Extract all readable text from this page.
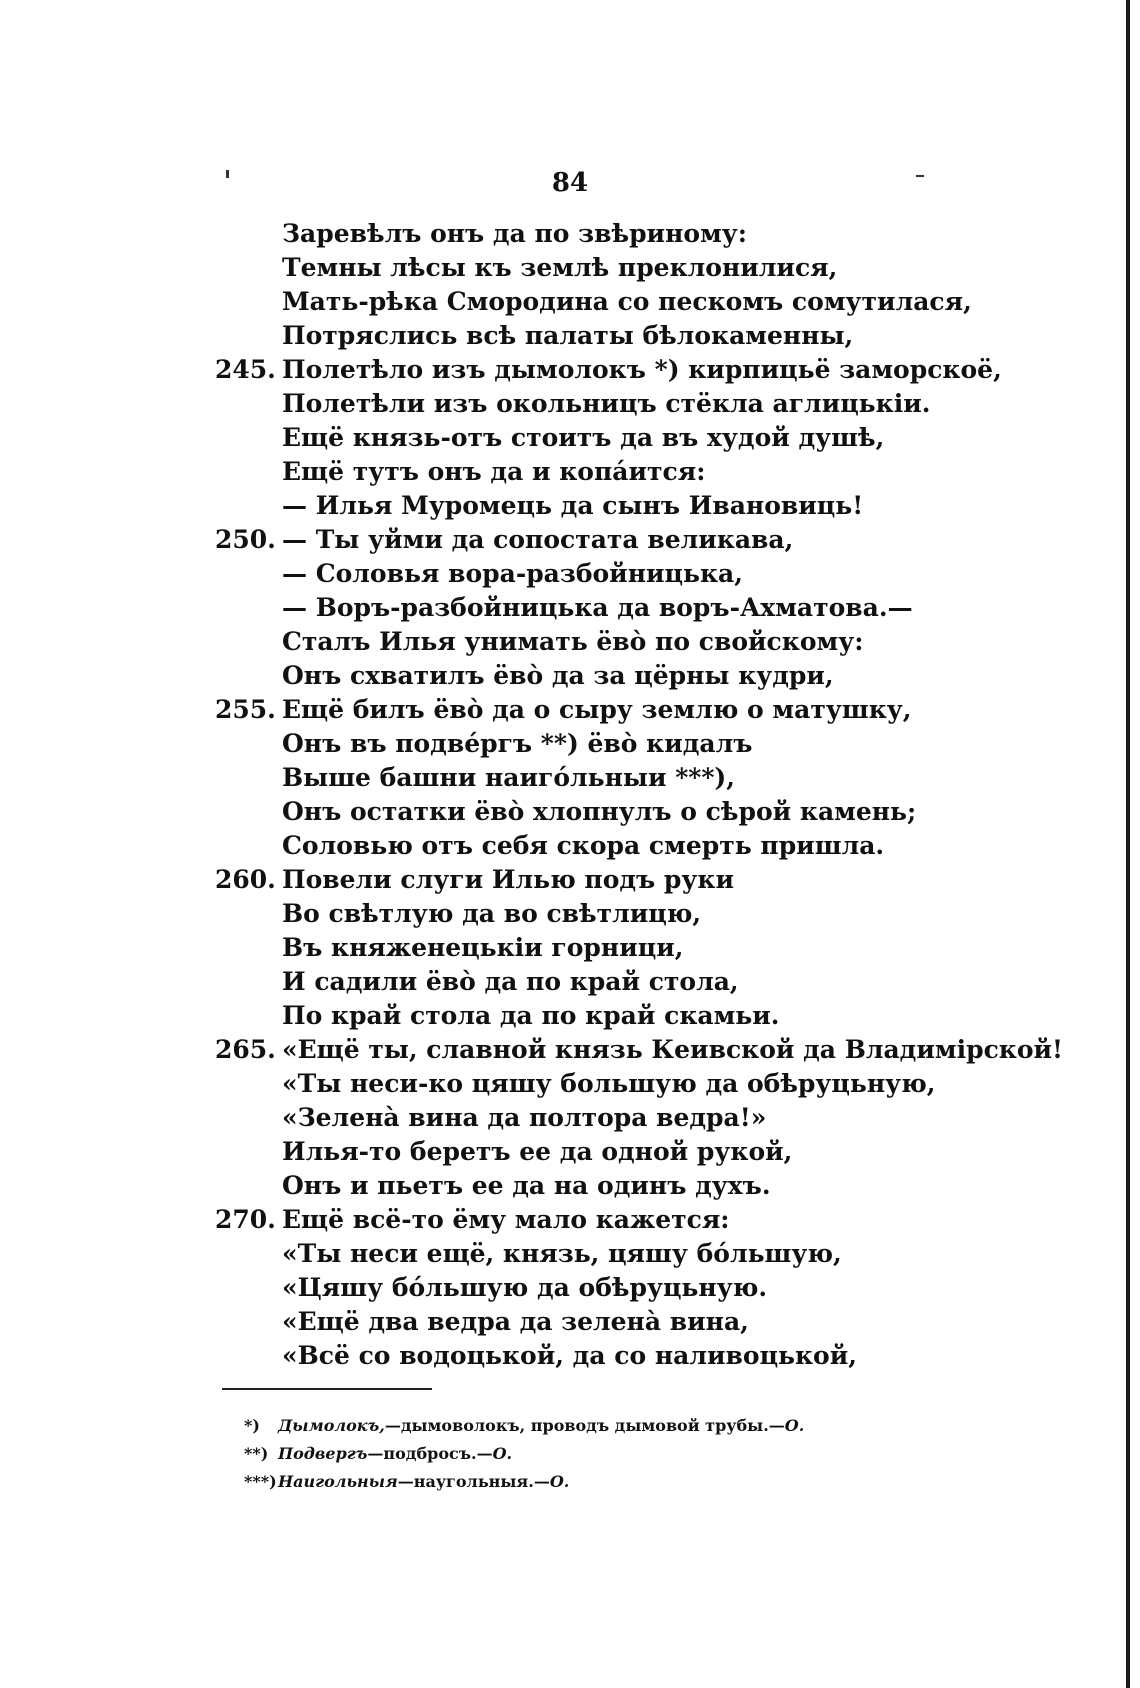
84
Заревѣлъ онъ да по звѣриному:
Темны лѣсы къ землѣ преклонилися,
Мать-рѣка Смородина со пескомъ сомутилася,
Потряслись всѣ палаты бѣлокаменны,
245. Полетѣло изъ дымолокъ *) кирпицьё заморскоё,
Полетѣли изъ окольницъ стёкла аглицькiи.
Ещё князь-отъ стоитъ да въ худой душѣ,
Ещё тутъ онъ да и копáится:
— Илья Муромець да сынъ Ивановиць!
250. — Ты уйми да сопостата великава,
— Соловья вора-разбойницька,
— Воръ-разбойницька да воръ-Ахматова.—
Сталъ Илья унимать ёвò по свойскому:
Онъ схватилъ ёвò да за цёрны кудри,
255. Ещё билъ ёвò да о сыру землю о матушку,
Онъ въ подвéргъ **) ёвò кидалъ
Выше башни наигóльныи ***),
Онъ остатки ёвò хлопнулъ о сѣрой камень;
Соловью отъ себя скора смерть пришла.
260. Повели слуги Илью подъ руки
Во свѣтлую да во свѣтлицю,
Въ княженецькiи горници,
И садили ёвò да по край стола,
По край стола да по край скамьи.
265. «Ещё ты, славной князь Кеивской да Владимiрской!
«Ты неси-ко цяшу большую да обѣруцьную,
«Зеленà вина да полтора ведра!»
Илья-то беретъ ее да одной рукой,
Онъ и пьетъ ее да на одинъ духъ.
270. Ещё всё-то ёму мало кажется:
«Ты неси ещё, князь, цяшу бóльшую,
«Цяшу бóльшую да обѣруцьную.
«Ещё два ведра да зеленà вина,
«Всё со водоцькой, да со наливоцькой,
*) Дымолокъ,—дымоволокъ, проводъ дымовой трубы.—О.
**) Подвергъ—подбросъ.—О.
***)Наигольныя—наугольныя.—О.
